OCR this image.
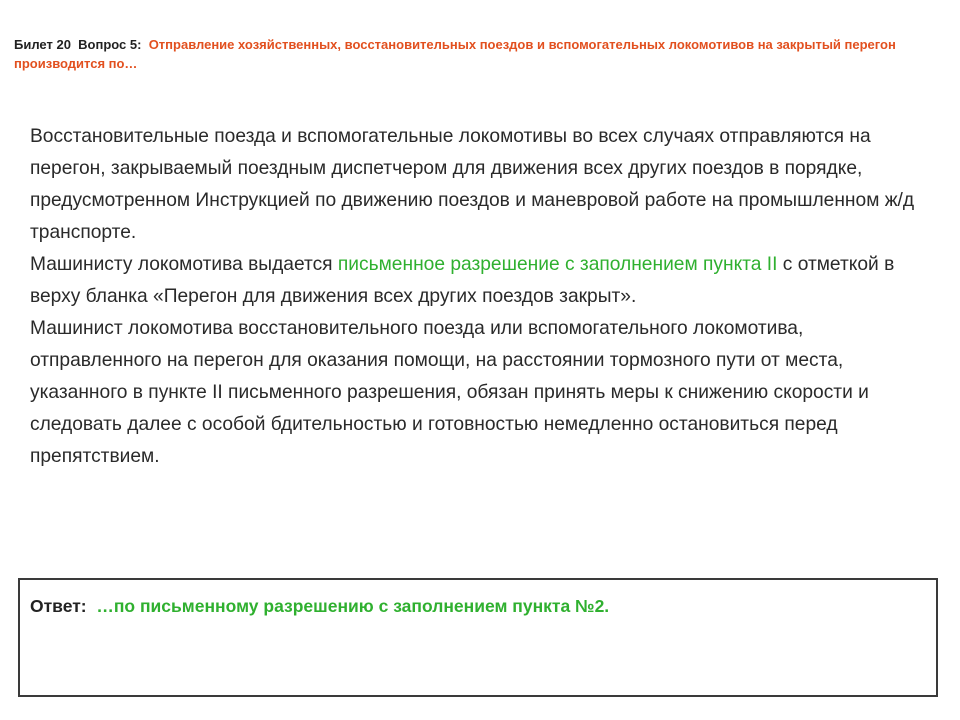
Билет 20 Вопрос 5: Отправление хозяйственных, восстановительных поездов и вспомогательных локомотивов на закрытый перегон производится по…
Восстановительные поезда и вспомогательные локомотивы во всех случаях отправляются на перегон, закрываемый поездным диспетчером для движения всех других поездов в порядке, предусмотренном Инструкцией по движению поездов и маневровой работе на промышленном ж/д транспорте.
Машинисту локомотива выдается письменное разрешение с заполнением пункта II с отметкой в верху бланка «Перегон для движения всех других поездов закрыт».
Машинист локомотива восстановительного поезда или вспомогательного локомотива, отправленного на перегон для оказания помощи, на расстоянии тормозного пути от места, указанного в пункте II письменного разрешения, обязан принять меры к снижению скорости и следовать далее с особой бдительностью и готовностью немедленно остановиться перед препятствием.
Ответ: …по письменному разрешению с заполнением пункта №2.
